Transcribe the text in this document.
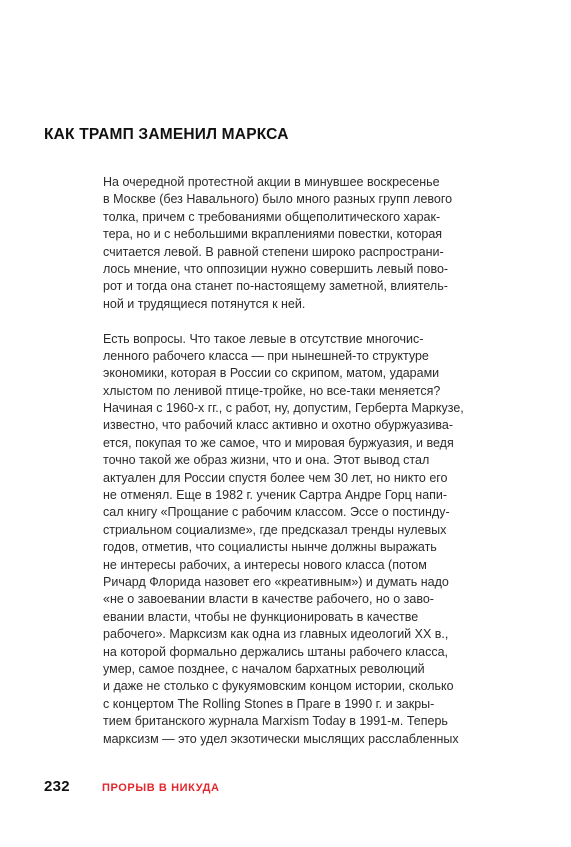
КАК ТРАМП ЗАМЕНИЛ МАРКСА
На очередной протестной акции в минувшее воскресенье
в Москве (без Навального) было много разных групп левого
толка, причем с требованиями общеполитического харак-
тера, но и с небольшими вкраплениями повестки, которая
считается левой. В равной степени широко распространи-
лось мнение, что оппозиции нужно совершить левый пово-
рот и тогда она станет по-настоящему заметной, влиятель-
ной и трудящиеся потянутся к ней.
Есть вопросы. Что такое левые в отсутствие многочис-
ленного рабочего класса — при нынешней-то структуре
экономики, которая в России со скрипом, матом, ударами
хлыстом по ленивой птице-тройке, но все-таки меняется?
Начиная с 1960-х гг., с работ, ну, допустим, Герберта Маркузе,
известно, что рабочий класс активно и охотно обуржуазива-
ется, покупая то же самое, что и мировая буржуазия, и ведя
точно такой же образ жизни, что и она. Этот вывод стал
актуален для России спустя более чем 30 лет, но никто его
не отменял. Еще в 1982 г. ученик Сартра Андре Горц напи-
сал книгу «Прощание с рабочим классом. Эссе о постинду-
стриальном социализме», где предсказал тренды нулевых
годов, отметив, что социалисты нынче должны выражать
не интересы рабочих, а интересы нового класса (потом
Ричард Флорида назовет его «креативным») и думать надо
«не о завоевании власти в качестве рабочего, но о заво-
евании власти, чтобы не функционировать в качестве
рабочего». Марксизм как одна из главных идеологий XX в.,
на которой формально держались штаны рабочего класса,
умер, самое позднее, с началом бархатных революций
и даже не столько с фукуямовским концом истории, сколько
с концертом The Rolling Stones в Праге в 1990 г. и закры-
тием британского журнала Marxism Today в 1991-м. Теперь
марксизм — это удел экзотически мыслящих расслабленных
232	ПРОРЫВ В НИКУДА
